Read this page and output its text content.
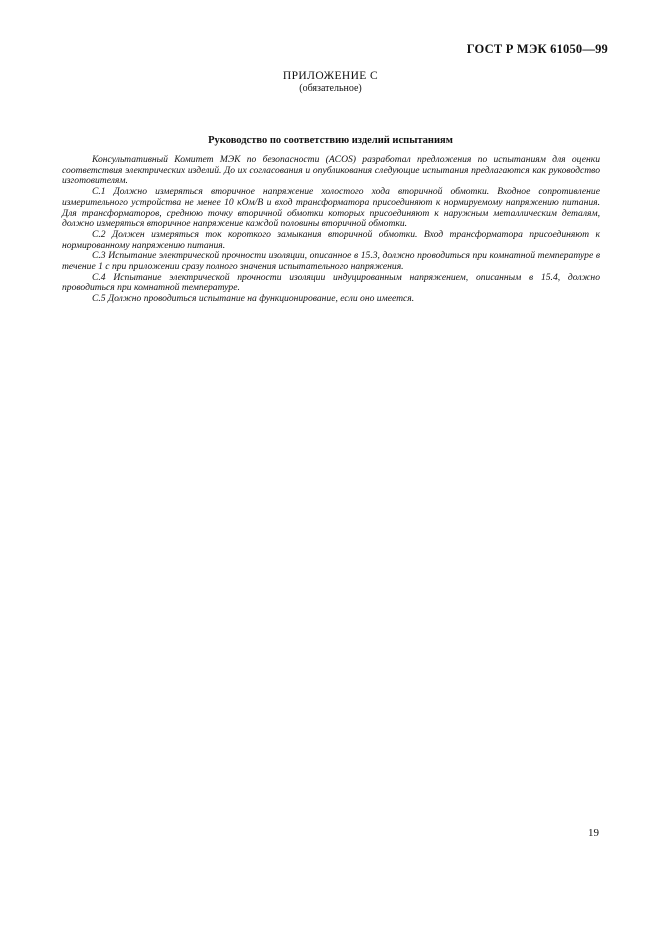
ГОСТ Р МЭК 61050—99
ПРИЛОЖЕНИЕ С
(обязательное)
Руководство по соответствию изделий испытаниям

Консультативный Комитет МЭК по безопасности (ACOS) разработал предложения по испытаниям для оценки соответствия электрических изделий. До их согласования и опубликования следующие испытания предлагаются как руководство изготовителям.

C.1 Должно измеряться вторичное напряжение холостого хода вторичной обмотки. Входное сопротивление измерительного устройства не менее 10 кОм/В и вход трансформатора присоединяют к нормируемому напряжению питания. Для трансформаторов, среднюю точку вторичной обмотки которых присоединяют к наружным металлическим деталям, должно измеряться вторичное напряжение каждой половины вторичной обмотки.

C.2 Должен измеряться ток короткого замыкания вторичной обмотки. Вход трансформатора присоединяют к нормированному напряжению питания.

C.3 Испытание электрической прочности изоляции, описанное в 15.3, должно проводиться при комнатной температуре в течение 1 с при приложении сразу полного значения испытательного напряжения.

C.4 Испытание электрической прочности изоляции индуцированным напряжением, описанным в 15.4, должно проводиться при комнатной температуре.

C.5 Должно проводиться испытание на функционирование, если оно имеется.

19
